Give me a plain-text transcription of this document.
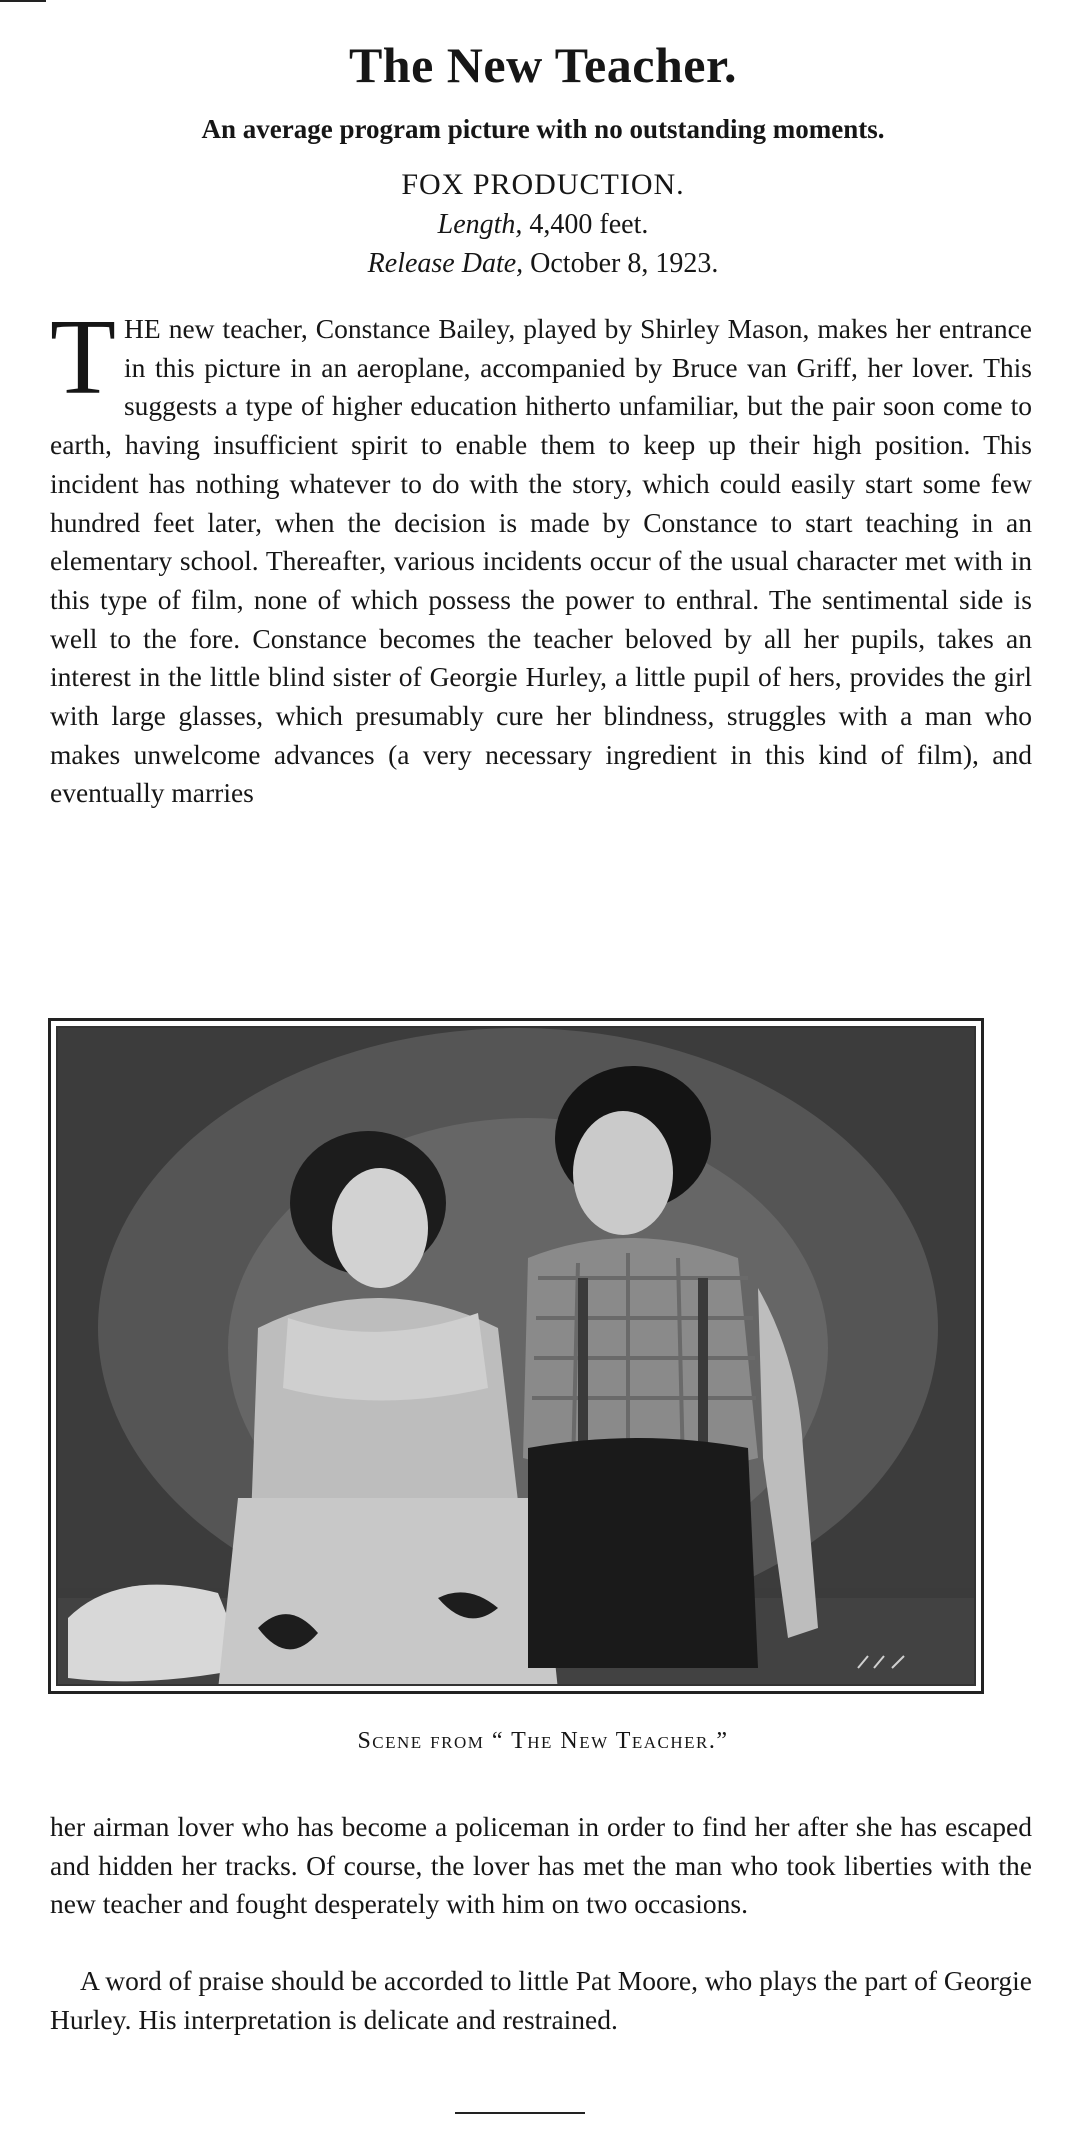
The New Teacher.
An average program picture with no outstanding moments.
FOX PRODUCTION.
Length, 4,400 feet.
Release Date, October 8, 1923.

THE new teacher, Constance Bailey, played by Shirley Mason, makes her entrance in this picture in an aeroplane, accompanied by Bruce van Griff, her lover. This suggests a type of higher education hitherto unfamiliar, but the pair soon come to earth, having insufficient spirit to enable them to keep up their high position. This incident has nothing whatever to do with the story, which could easily start some few hundred feet later, when the decision is made by Constance to start teaching in an elementary school. Thereafter, various incidents occur of the usual character met with in this type of film, none of which possess the power to enthral. The sentimental side is well to the fore. Constance becomes the teacher beloved by all her pupils, takes an interest in the little blind sister of Georgie Hurley, a little pupil of hers, provides the girl with large glasses, which presumably cure her blindness, struggles with a man who makes unwelcome advances (a very necessary ingredient in this kind of film), and eventually marries

Scene from “ The New Teacher.”

her airman lover who has become a policeman in order to find her after she has escaped and hidden her tracks. Of course, the lover has met the man who took liberties with the new teacher and fought desperately with him on two occasions.

A word of praise should be accorded to little Pat Moore, who plays the part of Georgie Hurley. His interpretation is delicate and restrained.
